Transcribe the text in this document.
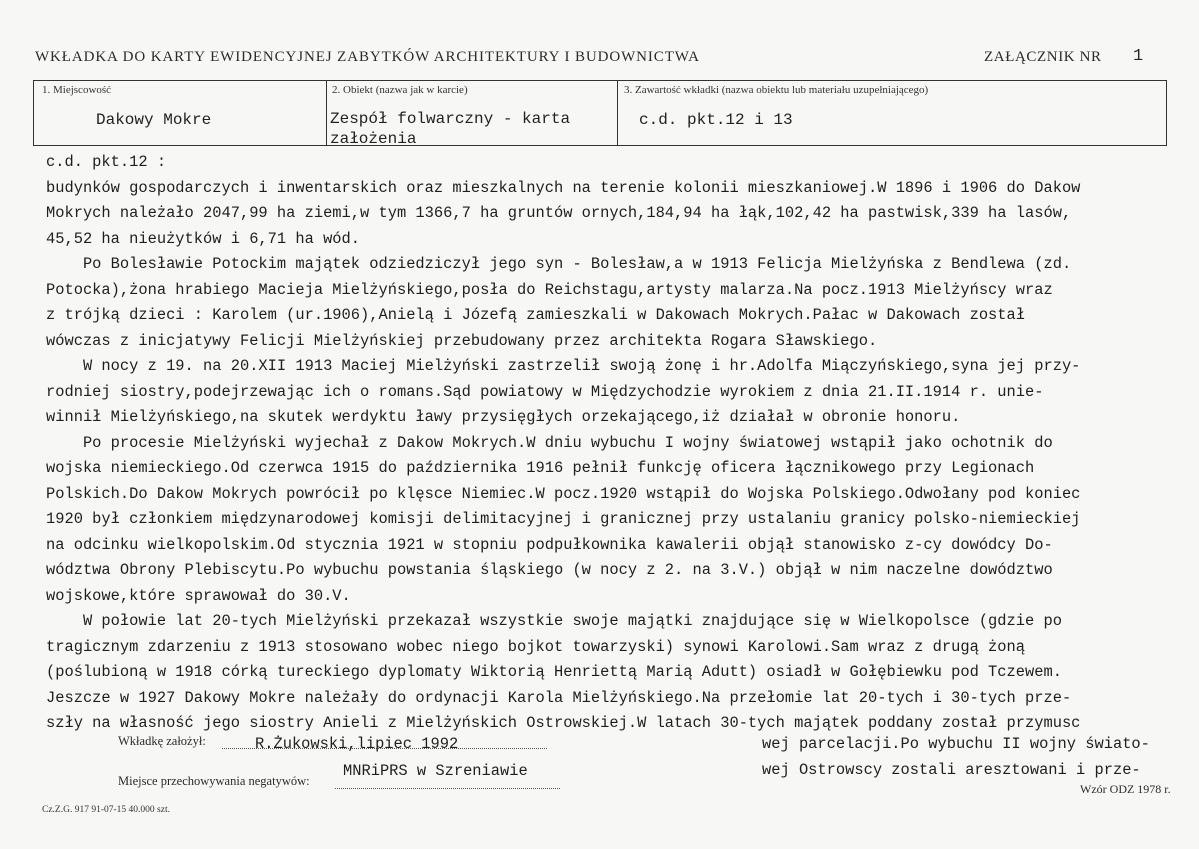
WKŁADKA DO KARTY EWIDENCYJNEJ ZABYTKÓW ARCHITEKTURY I BUDOWNICTWA	ZAŁĄCZNIK NR 1
1. Miejscowość
Dakowy Mokre
2. Obiekt (nazwa jak w karcie)
Zespół folwarczny - karta założenia
3. Zawartość wkładki (nazwa obiektu lub materiału uzupełniającego)
c.d. pkt.12 i 13

c.d. pkt.12 :

budynków gospodarczych i inwentarskich oraz mieszkalnych na terenie kolonii mieszkaniowej.W 1896 i 1906 do Dakow

Mokrych należało 2047,99 ha ziemi,w tym 1366,7 ha gruntów ornych,184,94 ha łąk,102,42 ha pastwisk,339 ha lasów,

45,52 ha nieużytków i 6,71 ha wód.

Po Bolesławie Potockim majątek odziedziczył jego syn - Bolesław,a w 1913 Felicja Mielżyńska z Bendlewa (zd.

Potocka),żona hrabiego Macieja Mielżyńskiego,posła do Reichstagu,artysty malarza.Na pocz.1913 Mielżyńscy wraz

z trójką dzieci : Karolem (ur.1906),Anielą i Józefą zamieszkali w Dakowach Mokrych.Pałac w Dakowach został

wówczas z inicjatywy Felicji Mielżyńskiej przebudowany przez architekta Rogara Sławskiego.

W nocy z 19. na 20.XII 1913 Maciej Mielżyński zastrzelił swoją żonę i hr.Adolfa Miączyńskiego,syna jej przy-

rodniej siostry,podejrzewając ich o romans.Sąd powiatowy w Międzychodzie wyrokiem z dnia 21.II.1914 r. unie-

winnił Mielżyńskiego,na skutek werdyktu ławy przysięgłych orzekającego,iż działał w obronie honoru.

Po procesie Mielżyński wyjechał z Dakow Mokrych.W dniu wybuchu I wojny światowej wstąpił jako ochotnik do

wojska niemieckiego.Od czerwca 1915 do października 1916 pełnił funkcję oficera łącznikowego przy Legionach

Polskich.Do Dakow Mokrych powrócił po klęsce Niemiec.W pocz.1920 wstąpił do Wojska Polskiego.Odwołany pod koniec

1920 był członkiem międzynarodowej komisji delimitacyjnej i granicznej przy ustalaniu granicy polsko-niemieckiej

na odcinku wielkopolskim.Od stycznia 1921 w stopniu podpułkownika kawalerii objął stanowisko z-cy dowódcy Do-

wództwa Obrony Plebiscytu.Po wybuchu powstania śląskiego (w nocy z 2. na 3.V.) objął w nim naczelne dowództwo

wojskowe,które sprawował do 30.V.

W połowie lat 20-tych Mielżyński przekazał wszystkie swoje majątki znajdujące się w Wielkopolsce (gdzie po

tragicznym zdarzeniu z 1913 stosowano wobec niego bojkot towarzyski) synowi Karolowi.Sam wraz z drugą żoną

(poślubioną w 1918 córką tureckiego dyplomaty Wiktorią Henriettą Marią Adutt) osiadł w Gołębiewku pod Tczewem.

Jeszcze w 1927 Dakowy Mokre należały do ordynacji Karola Mielżyńskiego.Na przełomie lat 20-tych i 30-tych prze-

szły na własność jego siostry Anieli z Mielżyńskich Ostrowskiej.W latach 30-tych majątek poddany został przymusc

Wkładkę założył:	R.Żukowski,lipiec 1992
Miejsce przechowywania negatywów:
MNRiPRS w Szreniawie
wej parcelacji.Po wybuchu II wojny świato-
wej Ostrowscy zostali aresztowani i prze-
Cz.Z.G. 917 91-07-15 40.000 szt.
Wzór ODZ 1978 r.
